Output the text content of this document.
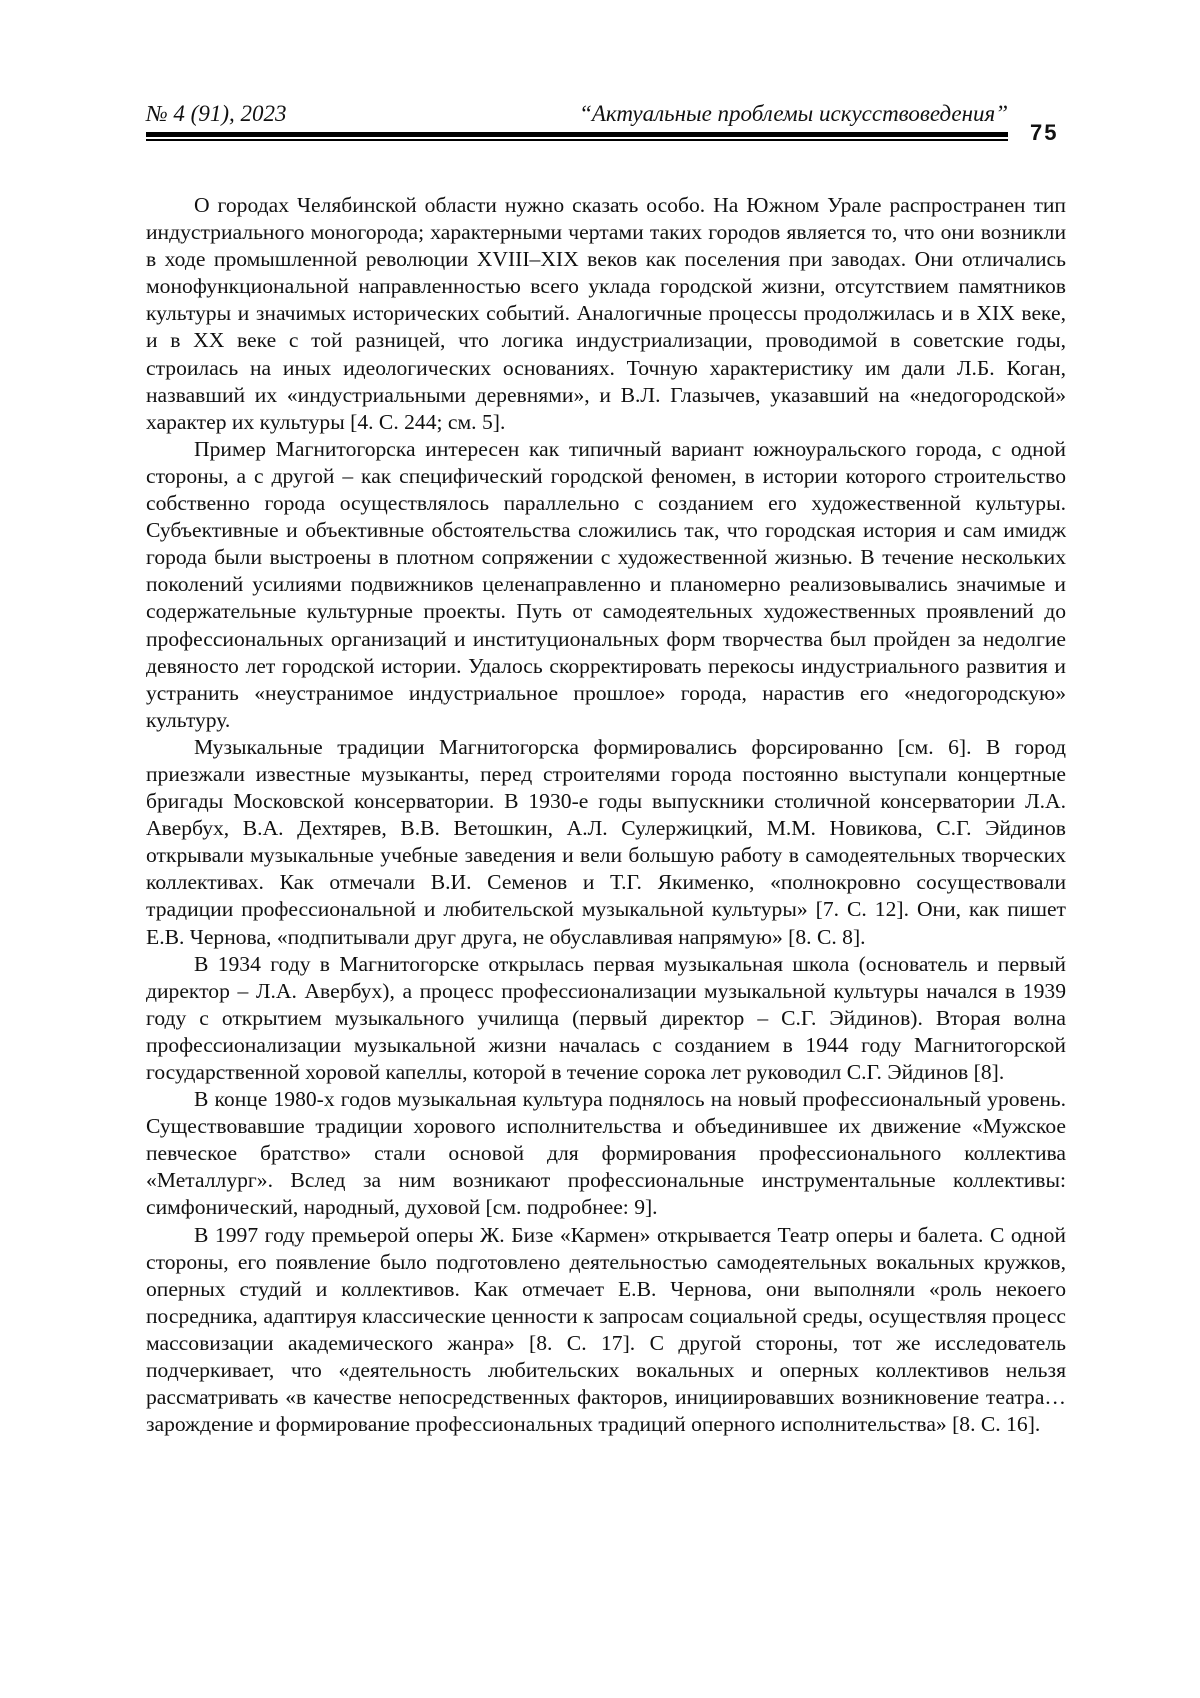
№ 4 (91), 2023	“Актуальные проблемы искусствоведения”
75

О городах Челябинской области нужно сказать особо. На Южном Урале распространен тип индустриального моногорода; характерными чертами таких городов является то, что они возникли в ходе промышленной революции XVIII–XIX веков как поселения при заводах. Они отличались монофункциональной направленностью всего уклада городской жизни, отсутствием памятников культуры и значимых исторических событий. Аналогичные процессы продолжилась и в XIX веке, и в XX веке с той разницей, что логика индустриализации, проводимой в советские годы, строилась на иных идеологических основаниях. Точную характеристику им дали Л.Б. Коган, назвавший их «индустриальными деревнями», и В.Л. Глазычев, указавший на «недогородской» характер их культуры [4. С. 244; см. 5].

Пример Магнитогорска интересен как типичный вариант южноуральского города, с одной стороны, а с другой – как специфический городской феномен, в истории которого строительство собственно города осуществлялось параллельно с созданием его художественной культуры. Субъективные и объективные обстоятельства сложились так, что городская история и сам имидж города были выстроены в плотном сопряжении с художественной жизнью. В течение нескольких поколений усилиями подвижников целенаправленно и планомерно реализовывались значимые и содержательные культурные проекты. Путь от самодеятельных художественных проявлений до профессиональных организаций и институциональных форм творчества был пройден за недолгие девяносто лет городской истории. Удалось скорректировать перекосы индустриального развития и устранить «неустранимое индустриальное прошлое» города, нарастив его «недогородскую» культуру.

Музыкальные традиции Магнитогорска формировались форсированно [см. 6]. В город приезжали известные музыканты, перед строителями города постоянно выступали концертные бригады Московской консерватории. В 1930-е годы выпускники столичной консерватории Л.А. Авербух, В.А. Дехтярев, В.В. Ветошкин, А.Л. Сулержицкий, М.М. Новикова, С.Г. Эйдинов открывали музыкальные учебные заведения и вели большую работу в самодеятельных творческих коллективах. Как отмечали В.И. Семенов и Т.Г. Якименко, «полнокровно сосуществовали традиции профессиональной и любительской музыкальной культуры» [7. С. 12]. Они, как пишет Е.В. Чернова, «подпитывали друг друга, не обуславливая напрямую» [8. С. 8].

В 1934 году в Магнитогорске открылась первая музыкальная школа (основатель и первый директор – Л.А. Авербух), а процесс профессионализации музыкальной культуры начался в 1939 году с открытием музыкального училища (первый директор – С.Г. Эйдинов). Вторая волна профессионализации музыкальной жизни началась с созданием в 1944 году Магнитогорской государственной хоровой капеллы, которой в течение сорока лет руководил С.Г. Эйдинов [8].

В конце 1980-х годов музыкальная культура поднялось на новый профессиональный уровень. Существовавшие традиции хорового исполнительства и объединившее их движение «Мужское певческое братство» стали основой для формирования профессионального коллектива «Металлург». Вслед за ним возникают профессиональные инструментальные коллективы: симфонический, народный, духовой [см. подробнее: 9].

В 1997 году премьерой оперы Ж. Бизе «Кармен» открывается Театр оперы и балета. С одной стороны, его появление было подготовлено деятельностью самодеятельных вокальных кружков, оперных студий и коллективов. Как отмечает Е.В. Чернова, они выполняли «роль некоего посредника, адаптируя классические ценности к запросам социальной среды, осуществляя процесс массовизации академического жанра» [8. С. 17]. С другой стороны, тот же исследователь подчеркивает, что «деятельность любительских вокальных и оперных коллективов нельзя рассматривать «в качестве непосредственных факторов, инициировавших возникновение театра… зарождение и формирование профессиональных традиций оперного исполнительства» [8. С. 16].
